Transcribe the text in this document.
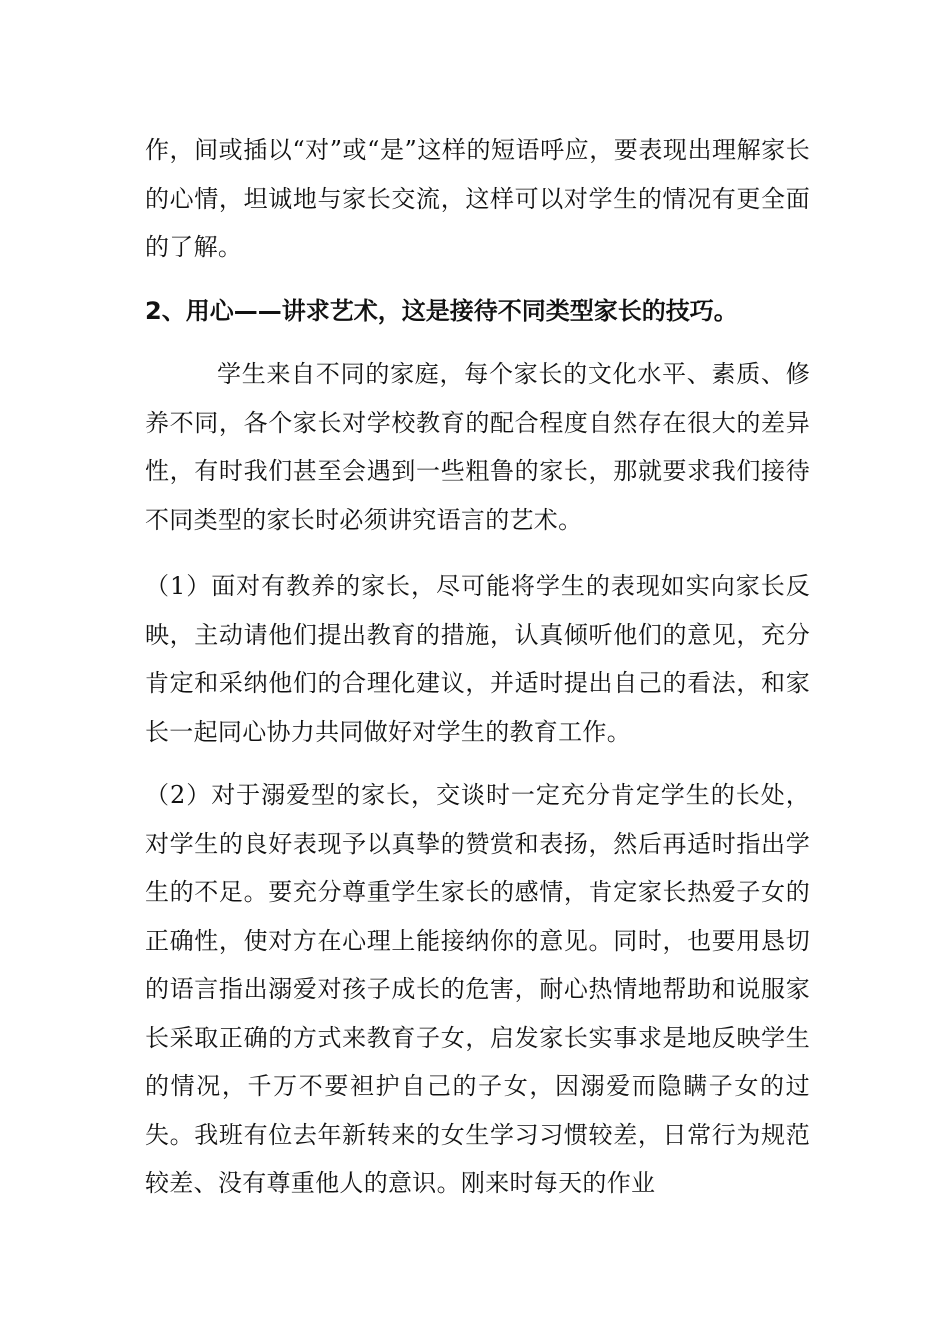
作，间或插以“对”或“是”这样的短语呼应，要表现出理解家长的心情，坦诚地与家长交流，这样可以对学生的情况有更全面的了解。

2、用心——讲求艺术，这是接待不同类型家长的技巧。

学生来自不同的家庭，每个家长的文化水平、素质、修养不同，各个家长对学校教育的配合程度自然存在很大的差异性，有时我们甚至会遇到一些粗鲁的家长，那就要求我们接待不同类型的家长时必须讲究语言的艺术。

（1）面对有教养的家长，尽可能将学生的表现如实向家长反映，主动请他们提出教育的措施，认真倾听他们的意见，充分肯定和采纳他们的合理化建议，并适时提出自己的看法，和家长一起同心协力共同做好对学生的教育工作。

（2）对于溺爱型的家长，交谈时一定充分肯定学生的长处，对学生的良好表现予以真挚的赞赏和表扬，然后再适时指出学生的不足。要充分尊重学生家长的感情，肯定家长热爱子女的正确性，使对方在心理上能接纳你的意见。同时，也要用恳切的语言指出溺爱对孩子成长的危害，耐心热情地帮助和说服家长采取正确的方式来教育子女，启发家长实事求是地反映学生的情况，千万不要袒护自己的子女，因溺爱而隐瞒子女的过失。我班有位去年新转来的女生学习习惯较差，日常行为规范较差、没有尊重他人的意识。刚来时每天的作业
